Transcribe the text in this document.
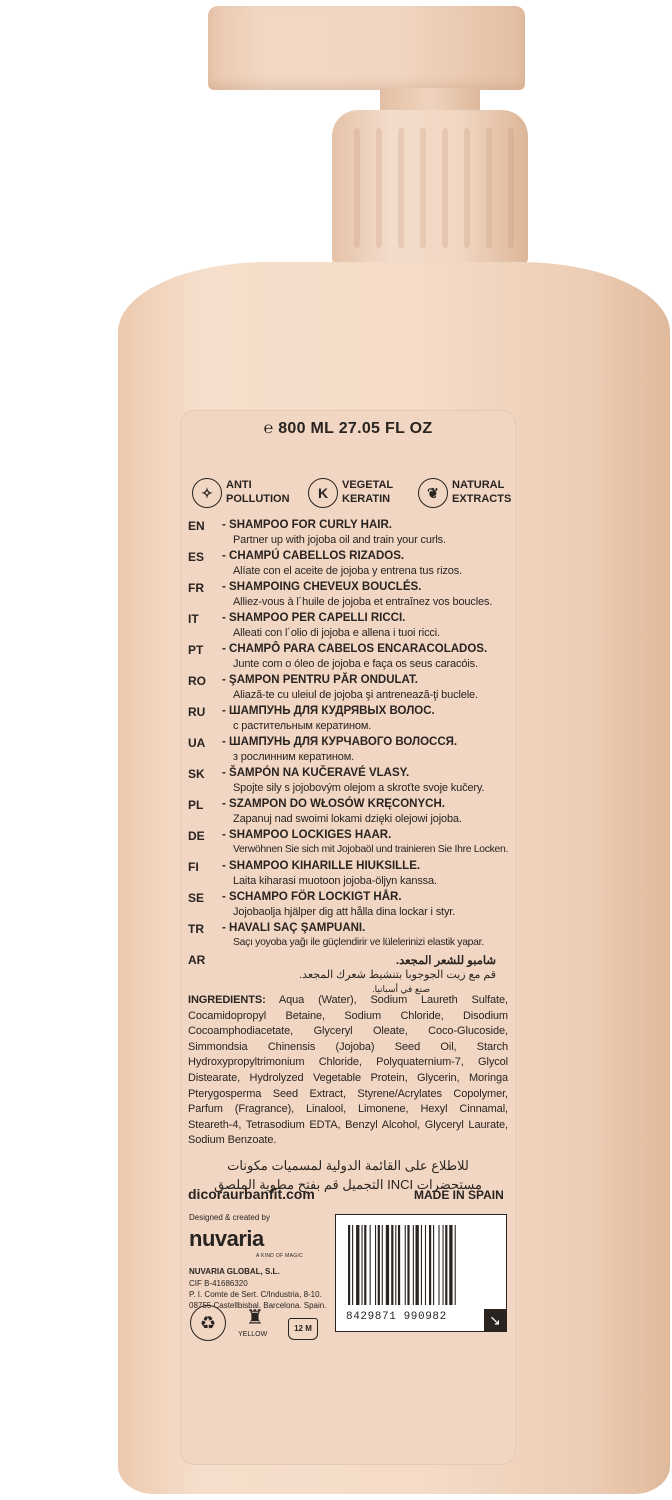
℮ 800 ML 27.05 FL OZ
✧	ANTI
POLLUTION	K	VEGETAL
KERATIN	❦	NATURAL
EXTRACTS
EN	- SHAMPOO FOR CURLY HAIR.
Partner up with jojoba oil and train your curls.
ES	- CHAMPÚ CABELLOS RIZADOS.
Alíate con el aceite de jojoba y entrena tus rizos.
FR	- SHAMPOING CHEVEUX BOUCLÉS.
Alliez-vous à l´huile de jojoba et entraînez vos boucles.
IT	- SHAMPOO PER CAPELLI RICCI.
Alleati con l´olio di jojoba e allena i tuoi ricci.
PT	- CHAMPÔ PARA CABELOS ENCARACOLADOS.
Junte com o óleo de jojoba e faça os seus caracóis.
RO	- ŞAMPON PENTRU PĂR ONDULAT.
Aliază-te cu uleiul de jojoba şi antrenează-ţi buclele.
RU	- ШАМПУНЬ ДЛЯ КУДРЯВЫХ ВОЛОС.
с растительным кератином.
UA	- ШАМПУНЬ ДЛЯ КУРЧАВОГО ВОЛОССЯ.
з рослинним кератином.
SK	- ŠAMPÓN NA KUČERAVÉ VLASY.
Spojte sily s jojobovým olejom a skroťte svoje kučery.
PL	- SZAMPON DO WŁOSÓW KRĘCONYCH.
Zapanuj nad swoimi lokami dzięki olejowi jojoba.
DE	- SHAMPOO LOCKIGES HAAR.
Verwöhnen Sie sich mit Jojobaöl und trainieren Sie Ihre Locken.
FI	- SHAMPOO KIHARILLE HIUKSILLE.
Laita kiharasi muotoon jojoba-öljyn kanssa.
SE	- SCHAMPO FÖR LOCKIGT HÅR.
Jojobaolja hjälper dig att hålla dina lockar i styr.
TR	- HAVALI SAÇ ŞAMPUANI.
Saçı yoyoba yağı ile güçlendirir ve lülelerinizi elastik yapar.
AR	شامبو للشعر المجعد.
قم مع زيت الجوجوبا بتنشيط شعرك المجعد.
صنع في أسبانيا.
INGREDIENTS: Aqua (Water), Sodium Laureth Sulfate, Cocamidopropyl Betaine, Sodium Chloride, Disodium Cocoamphodiacetate, Glyceryl Oleate, Coco-Glucoside, Simmondsia Chinensis (Jojoba) Seed Oil, Starch Hydroxypropyltrimonium Chloride, Polyquaternium-7, Glycol Distearate, Hydrolyzed Vegetable Protein, Glycerin, Moringa Pterygosperma Seed Extract, Styrene/Acrylates Copolymer, Parfum (Fragrance), Linalool, Limonene, Hexyl Cinnamal, Steareth-4, Tetrasodium EDTA, Benzyl Alcohol, Glyceryl Laurate, Sodium Benzoate.
للاطلاع على القائمة الدولية لمسميات مكونات
مستحضرات INCI التجميل قم بفتح مطوية الملصق
dicoraurbanfit.com	MADE IN SPAIN
Designed & created by
nuvaria
A KIND OF MAGIC
NUVARIA GLOBAL, S.L.
CIF B-41686320
P. I. Comte de Sert. C/Industria, 8-10.
08755 Castellbisbal. Barcelona. Spain.
8429871 990982	↘
♻	♜
YELLOW
12 M
